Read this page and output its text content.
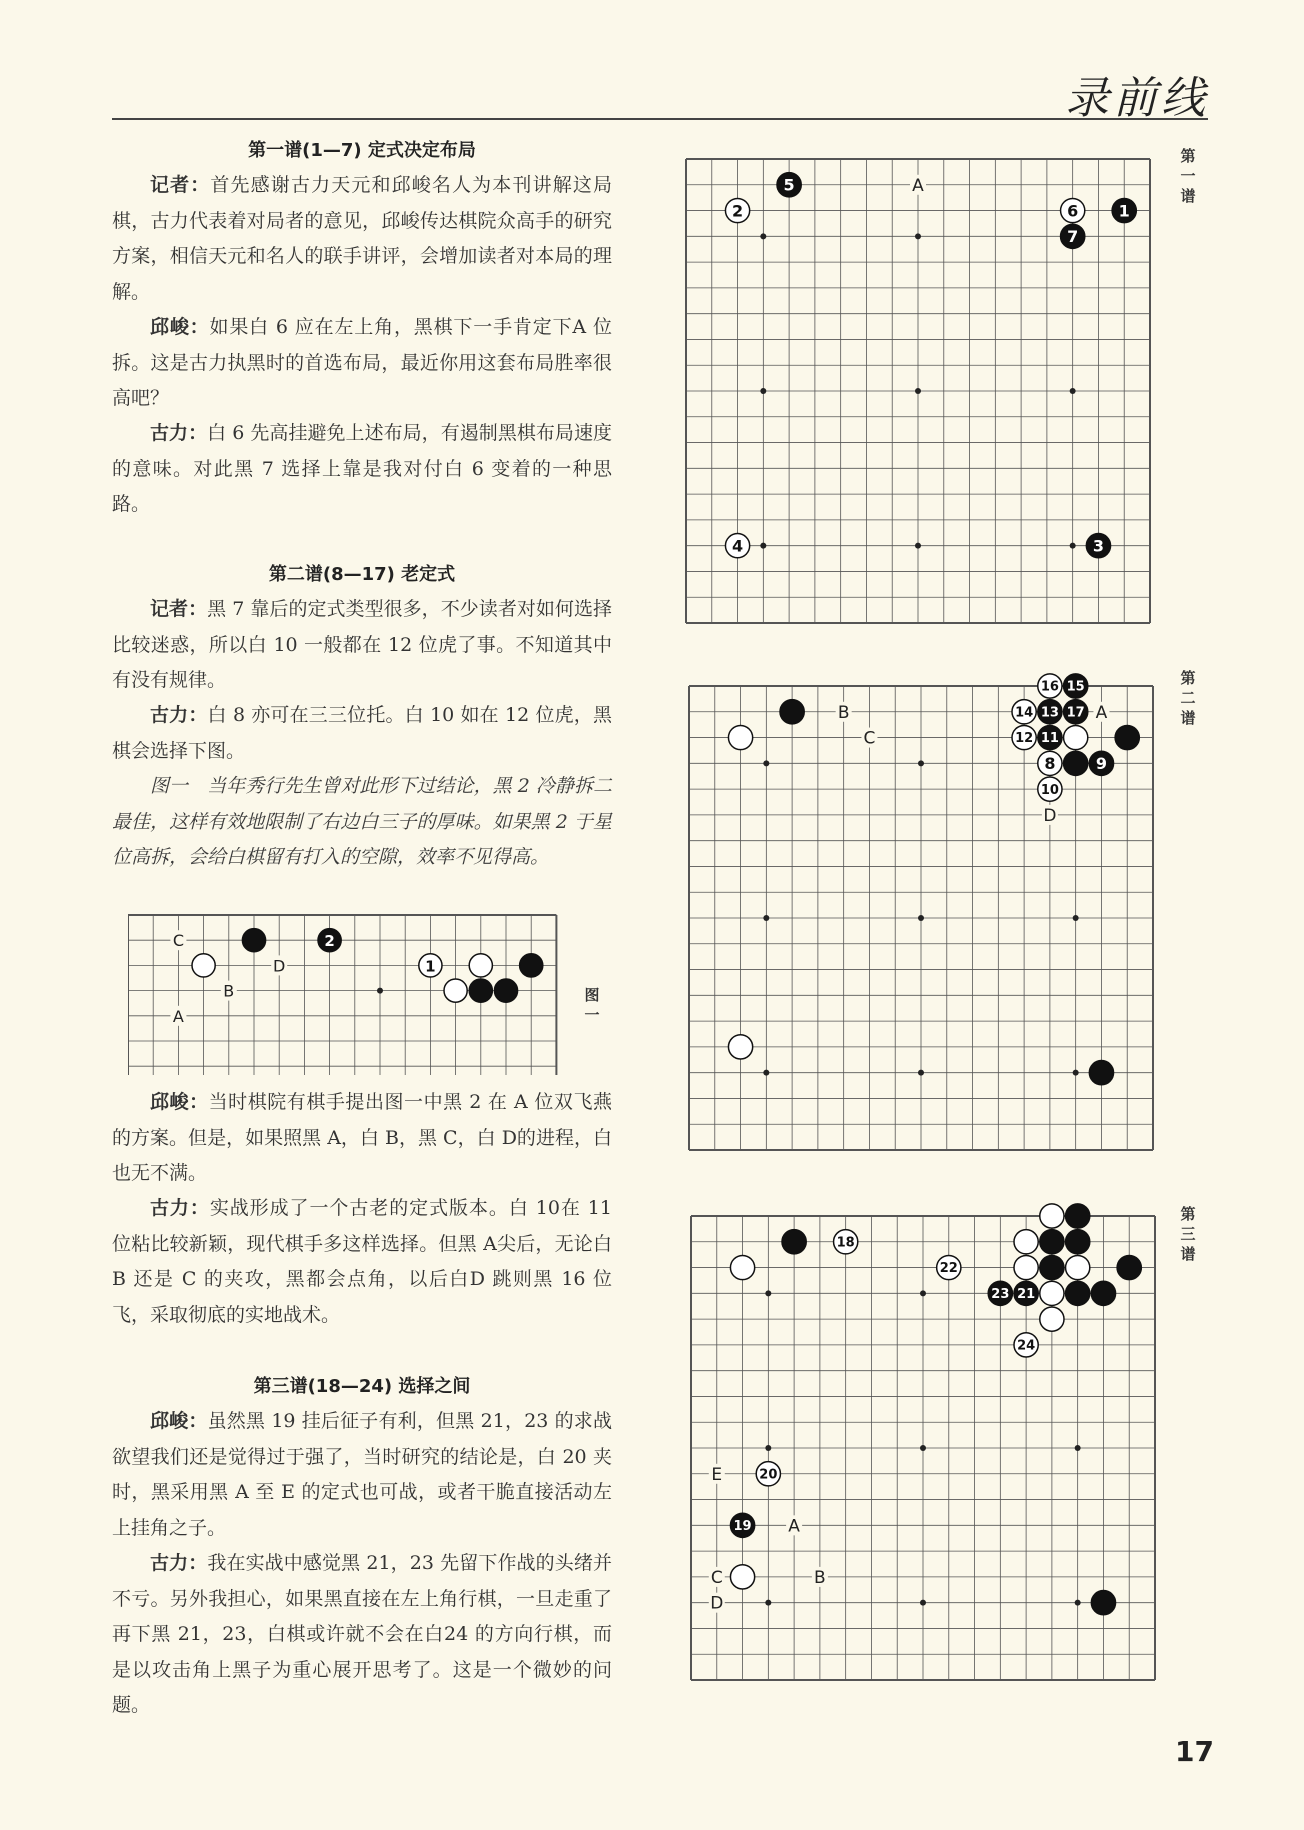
录前线
第一谱(1—7) 定式决定布局

记者：首先感谢古力天元和邱峻名人为本刊讲解这局棋，古力代表着对局者的意见，邱峻传达棋院众高手的研究方案，相信天元和名人的联手讲评，会增加读者对本局的理解。

邱峻：如果白 6 应在左上角，黑棋下一手肯定下A 位拆。这是古力执黑时的首选布局，最近你用这套布局胜率很高吧？

古力：白 6 先高挂避免上述布局，有遏制黑棋布局速度的意味。对此黑 7 选择上靠是我对付白 6 变着的一种思路。

第二谱(8—17) 老定式

记者：黑 7 靠后的定式类型很多，不少读者对如何选择比较迷惑，所以白 10 一般都在 12 位虎了事。不知道其中有没有规律。

古力：白 8 亦可在三三位托。白 10 如在 12 位虎，黑棋会选择下图。

图一　当年秀行先生曾对此形下过结论，黑 2 冷静拆二最佳，这样有效地限制了右边白三子的厚味。如果黑 2 于星位高拆，会给白棋留有打入的空隙，效率不见得高。

C
D
B
A
2
1
图
一

邱峻：当时棋院有棋手提出图一中黑 2 在 A 位双飞燕的方案。但是，如果照黑 A，白 B，黑 C，白 D的进程，白也无不满。

古力：实战形成了一个古老的定式版本。白 10在 11 位粘比较新颖，现代棋手多这样选择。但黑 A尖后，无论白 B 还是 C 的夹攻，黑都会点角，以后白D 跳则黑 16 位飞，采取彻底的实地战术。

第三谱(18—24) 选择之间

邱峻：虽然黑 19 挂后征子有利，但黑 21，23 的求战欲望我们还是觉得过于强了，当时研究的结论是，白 20 夹时，黑采用黑 A 至 E 的定式也可战，或者干脆直接活动左上挂角之子。

古力：我在实战中感觉黑 21，23 先留下作战的头绪并不亏。另外我担心，如果黑直接在左上角行棋，一旦走重了再下黑 21，23，白棋或许就不会在白24 的方向行棋，而是以攻击角上黑子为重心展开思考了。这是一个微妙的问题。

A
1
2
3
4
5
6
7
A
B
C
D
8	9
10
11
12
13
14
15
16
17
A
B
C
D
E
18
19
20
21
22
23
24
第
一
谱
第
二
谱
第
三
谱
17
